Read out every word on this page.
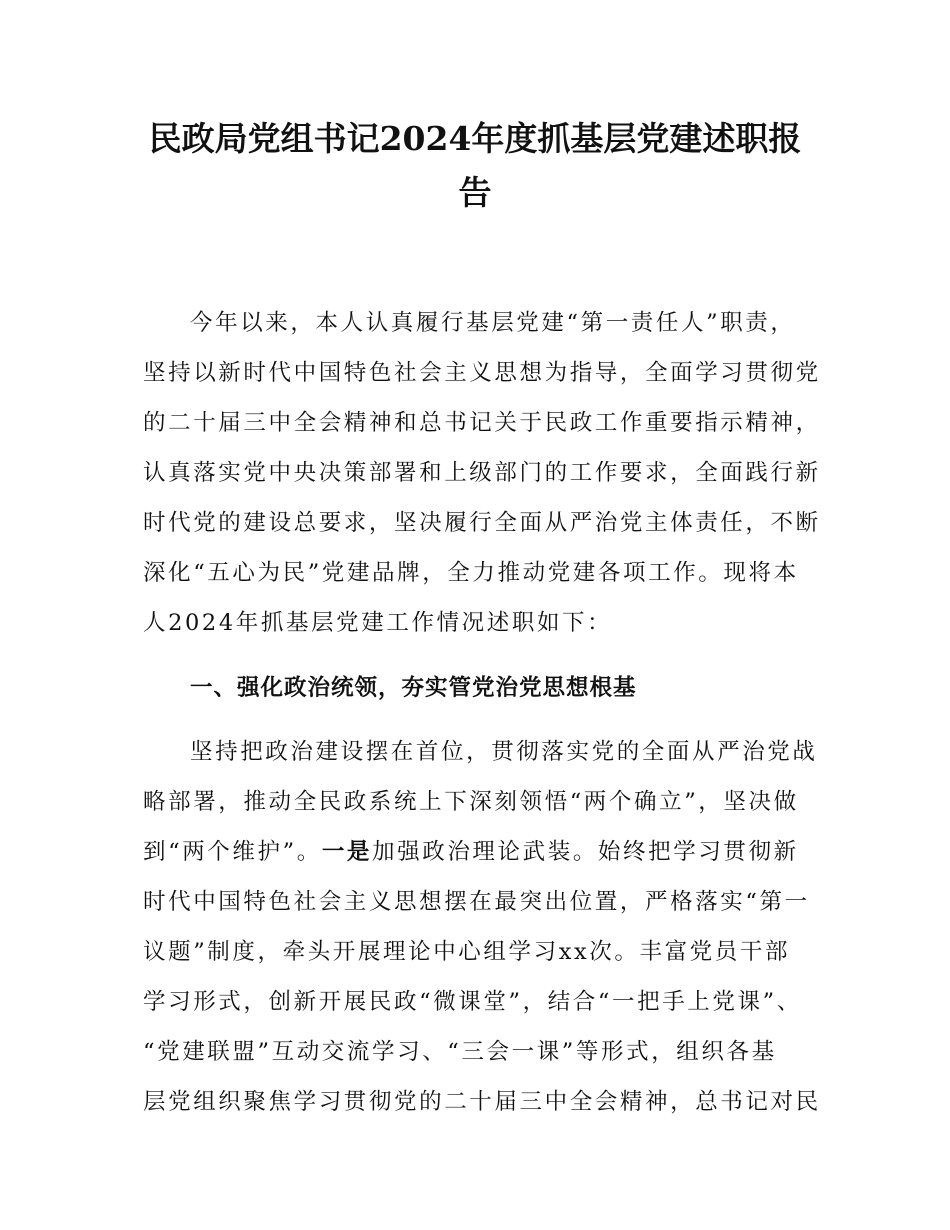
民政局党组书记2024年度抓基层党建述职报
告
今年以来，本人认真履行基层党建“第一责任人”职责，
坚持以新时代中国特色社会主义思想为指导，全面学习贯彻党
的二十届三中全会精神和总书记关于民政工作重要指示精神，
认真落实党中央决策部署和上级部门的工作要求，全面践行新
时代党的建设总要求，坚决履行全面从严治党主体责任，不断
深化“五心为民”党建品牌，全力推动党建各项工作。现将本
人2024年抓基层党建工作情况述职如下：
一、强化政治统领，夯实管党治党思想根基
坚持把政治建设摆在首位，贯彻落实党的全面从严治党战
略部署，推动全民政系统上下深刻领悟“两个确立”，坚决做
到“两个维护”。一是加强政治理论武装。始终把学习贯彻新
时代中国特色社会主义思想摆在最突出位置，严格落实“第一
议题”制度，牵头开展理论中心组学习xx次。丰富党员干部
学习形式，创新开展民政“微课堂”，结合“一把手上党课”、
“党建联盟”互动交流学习、“三会一课”等形式，组织各基
层党组织聚焦学习贯彻党的二十届三中全会精神，总书记对民
